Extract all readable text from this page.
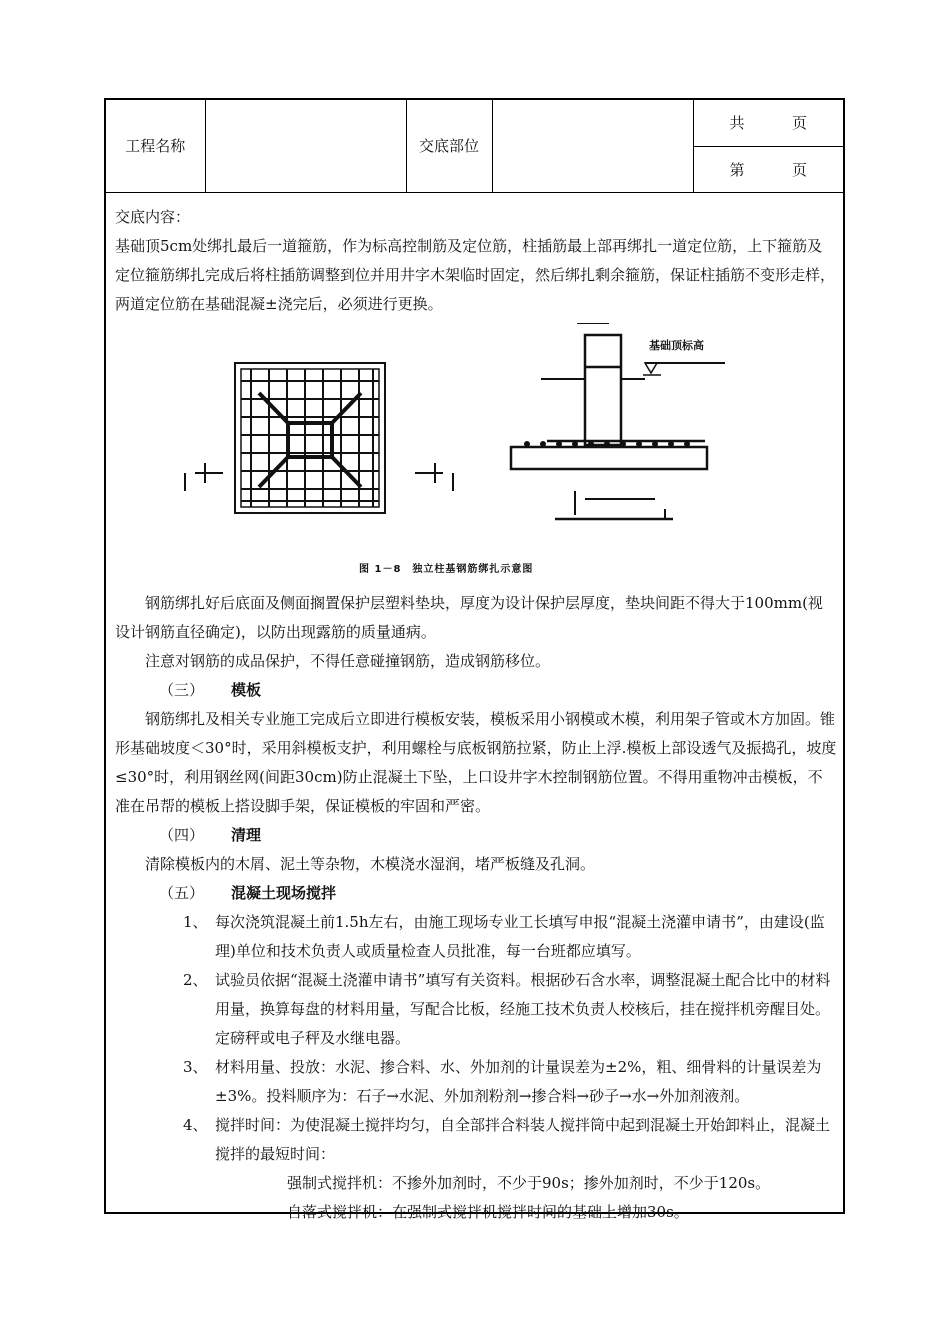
工程名称		交底部位		
共	页

第	页

交底内容：

基础顶5cm处绑扎最后一道箍筋，作为标高控制筋及定位筋，柱插筋最上部再绑扎一道定位筋，上下箍筋及定位箍筋绑扎完成后将柱插筋调整到位并用井字木架临时固定，然后绑扎剩余箍筋，保证柱插筋不变形走样，两道定位筋在基础混凝±浇完后，必须进行更换。

基础顶标高
图 1－8　独立柱基钢筋绑扎示意图

钢筋绑扎好后底面及侧面搁置保护层塑料垫块，厚度为设计保护层厚度，垫块间距不得大于100mm(视设计钢筋直径确定)，以防出现露筋的质量通病。

注意对钢筋的成品保护，不得任意碰撞钢筋，造成钢筋移位。

（三） 模板

钢筋绑扎及相关专业施工完成后立即进行模板安装，模板采用小钢模或木模，利用架子管或木方加固。锥形基础坡度＜30°时，采用斜模板支护，利用螺栓与底板钢筋拉紧，防止上浮.模板上部设透气及振捣孔，坡度≤30°时，利用钢丝网(间距30cm)防止混凝土下坠，上口设井字木控制钢筋位置。不得用重物冲击模板，不准在吊帮的模板上搭设脚手架，保证模板的牢固和严密。

（四） 清理

清除模板内的木屑、泥土等杂物，木模浇水湿润，堵严板缝及孔洞。

（五） 混凝土现场搅拌

1、 每次浇筑混凝土前1.5h左右，由施工现场专业工长填写申报“混凝土浇灌申请书”，由建设(监理)单位和技术负责人或质量检查人员批准，每一台班都应填写。
2、 试验员依据“混凝土浇灌申请书”填写有关资料。根据砂石含水率，调整混凝土配合比中的材料用量，换算每盘的材料用量，写配合比板，经施工技术负责人校核后，挂在搅拌机旁醒目处。定磅秤或电子秤及水继电器。
3、 材料用量、投放：水泥、掺合料、水、外加剂的计量误差为±2%，粗、细骨料的计量误差为±3%。投料顺序为：石子→水泥、外加剂粉剂→掺合料→砂子→水→外加剂液剂。
4、 搅拌时间：为使混凝土搅拌均匀，自全部拌合料装人搅拌筒中起到混凝土开始卸料止，混凝土搅拌的最短时间：

强制式搅拌机：不掺外加剂时，不少于90s；掺外加剂时，不少于120s。

自落式搅拌机：在强制式搅拌机搅拌时间的基础上增加30s。
